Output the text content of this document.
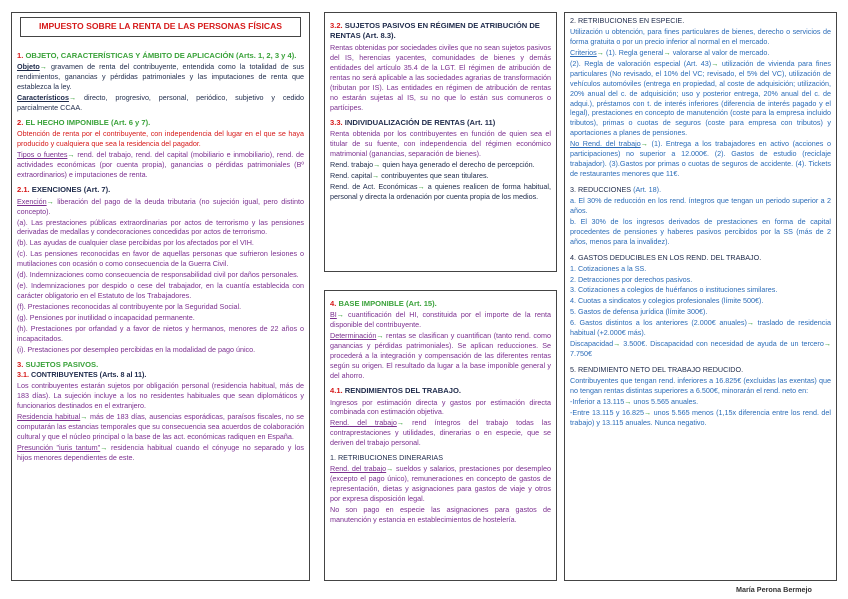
IMPUESTO SOBRE LA RENTA DE LAS PERSONAS FÍSICAS
1. OBJETO, CARACTERÍSTICAS Y ÁMBITO DE APLICACIÓN (Arts. 1, 2, 3 y 4).

Objeto→ gravamen de renta del contribuyente, entendida como la totalidad de sus rendimientos, ganancias y pérdidas patrimoniales y las imputaciones de renta que establezca la ley.

Característicos→ directo, progresivo, personal, periódico, subjetivo y cedido parcialmente CCAA.

2. EL HECHO IMPONIBLE (Art. 6 y 7).

Obtención de renta por el contribuyente, con independencia del lugar en el que se haya producido y cualquiera que sea la residencia del pagador.

Tipos o fuentes→ rend. del trabajo, rend. del capital (mobiliario e inmobiliario), rend. de actividades económicas (por cuenta propia), ganancias o pérdidas patrimoniales (Bº extraordinarios) e imputaciones de renta.

2.1. EXENCIONES (Art. 7).

Exención→ liberación del pago de la deuda tributaria (no sujeción igual, pero distinto concepto).

(a). Las prestaciones públicas extraordinarias por actos de terrorismo y las pensiones derivadas de medallas y condecoraciones concedidas por actos de terrorismo.

(b). Las ayudas de cualquier clase percibidas por los afectados por el VIH.

(c). Las pensiones reconocidas en favor de aquellas personas que sufrieron lesiones o mutilaciones con ocasión o como consecuencia de la Guerra Civil.

(d). Indemnizaciones como consecuencia de responsabilidad civil por daños personales.

(e). Indemnizaciones por despido o cese del trabajador, en la cuantía establecida con carácter obligatorio en el Estatuto de los Trabajadores.

(f). Prestaciones reconocidas al contribuyente por la Seguridad Social.

(g). Pensiones por inutilidad o incapacidad permanente.

(h). Prestaciones por orfandad y a favor de nietos y hermanos, menores de 22 años o incapacitados.

(i). Prestaciones por desempleo percibidas en la modalidad de pago único.

3. SUJETOS PASIVOS.
3.1. CONTRIBUYENTES (Arts. 8 al 11).

Los contribuyentes estarán sujetos por obligación personal (residencia habitual, más de 183 días). La sujeción incluye a los no residentes habituales que sean diplomáticos y funcionarios destinados en el extranjero.

Residencia habitual→ más de 183 días, ausencias esporádicas, paraísos fiscales, no se computarán las estancias temporales que su consecuencia sea acuerdos de colaboración cultural y que el núcleo principal o la base de las act. económicas radiquen en España.

Presunción "iuris tantum"→ residencia habitual cuando el cónyuge no separado y los hijos menores dependientes de este.

3.2. SUJETOS PASIVOS EN RÉGIMEN DE ATRIBUCIÓN DE RENTAS (Art. 8.3).

Rentas obtenidas por sociedades civiles que no sean sujetos pasivos del IS, herencias yacentes, comunidades de bienes y demás entidades del artículo 35.4 de la LGT. El régimen de atribución de rentas no será aplicable a las sociedades agrarias de transformación (tributan por IS). Las entidades en régimen de atribución de rentas no estarán sujetas al IS, su no que lo están sus comuneros o partícipes.

3.3. INDIVIDUALIZACIÓN DE RENTAS (Art. 11)

Renta obtenida por los contribuyentes en función de quien sea el titular de su fuente, con independencia del régimen económico matrimonial (ganancias, separación de bienes).

Rend. trabajo→ quien haya generado el derecho de percepción.

Rend. capital→ contribuyentes que sean titulares.

Rend. de Act. Económicas→ a quienes realicen de forma habitual, personal y directa la ordenación por cuenta propia de los medios.

4. BASE IMPONIBLE (Art. 15).

BI→ cuantificación del HI, constituida por el importe de la renta disponible del contribuyente.

Determinación→ rentas se clasifican y cuantifican (tanto rend. como ganancias y pérdidas patrimoniales). Se aplican reducciones. Se procederá a la integración y compensación de las diferentes rentas según su origen. El resultado da lugar a la base imponible general y del ahorro.

4.1. RENDIMIENTOS DEL TRABAJO.

Ingresos por estimación directa y gastos por estimación directa combinada con estimación objetiva.

Rend. del trabajo→ rend íntegros del trabajo todas las contraprestaciones y utilidades, dinerarias o en especie, que se deriven del trabajo personal.

1. RETRIBUCIONES DINERARIAS

Rend. del trabajo→ sueldos y salarios, prestaciones por desempleo (excepto el pago único), remuneraciones en concepto de gastos de representación, dietas y asignaciones para gastos de viaje y otros por expresa disposición legal.

No son pago en especie las asignaciones para gastos de manutención y estancia en establecimientos de hostelería.

2. RETRIBUCIONES EN ESPECIE.

Utilización u obtención, para fines particulares de bienes, derecho o servicios de forma gratuita o por un precio inferior al normal en el mercado.

Criterios→ (1). Regla general→ valorarse al valor de mercado.

(2). Regla de valoración especial (Art. 43)→ utilización de vivienda para fines particulares (No revisado, el 10% del VC; revisado, el 5% del VC), utilización de vehículos automóviles (entrega en propiedad, al coste de adquisición; utilización, 20% anual del c. de adquisición; uso y posterior entrega, 20% anual del c. de adqui.), préstamos con t. de interés inferiores (diferencia de interés pagado y el legal), prestaciones en concepto de manutención (coste para la empresa incluido tributos), primas o cuotas de seguros (coste para empresa con tributos) y aportaciones a planes de pensiones.

No Rend. del trabajo→ (1). Entrega a los trabajadores en activo (acciones o participaciones) no superior a 12.000€. (2). Gastos de estudio (reciclaje trabajador). (3).Gastos por primas o cuotas de seguros de accidente. (4). Tickets de restaurantes menores que 11€.

3. REDUCCIONES (Art. 18).

a. El 30% de reducción en los rend. íntegros que tengan un periodo superior a 2 años.

b. El 30% de los ingresos derivados de prestaciones en forma de capital procedentes de pensiones y haberes pasivos percibidos por la SS (más de 2 años, menos para la invalidez).

4. GASTOS DEDUCIBLES EN LOS REND. DEL TRABAJO.

1. Cotizaciones a la SS.

2. Detracciones por derechos pasivos.

3. Cotizaciones a colegios de huérfanos o instituciones similares.

4. Cuotas a sindicatos y colegios profesionales (límite 500€).

5. Gastos de defensa jurídica (límite 300€).

6. Gastos distintos a los anteriores (2.000€ anuales)→ traslado de residencia habitual (+2.000€ más).

Discapacidad→ 3.500€. Discapacidad con necesidad de ayuda de un tercero→ 7.750€

5. RENDIMIENTO NETO DEL TRABAJO REDUCIDO.

Contribuyentes que tengan rend. inferiores a 16.825€ (excluidas las exentas) que no tengan rentas distintas superiores a 6.500€, minorarán el rend. neto en:

-Inferior a 13.115→ unos 5.565 anuales.

-Entre 13.115 y 16.825→ unos 5.565 menos (1,15x diferencia entre los rend. del trabajo) y 13.115 anuales. Nunca negativo.

María Perona Bermejo
